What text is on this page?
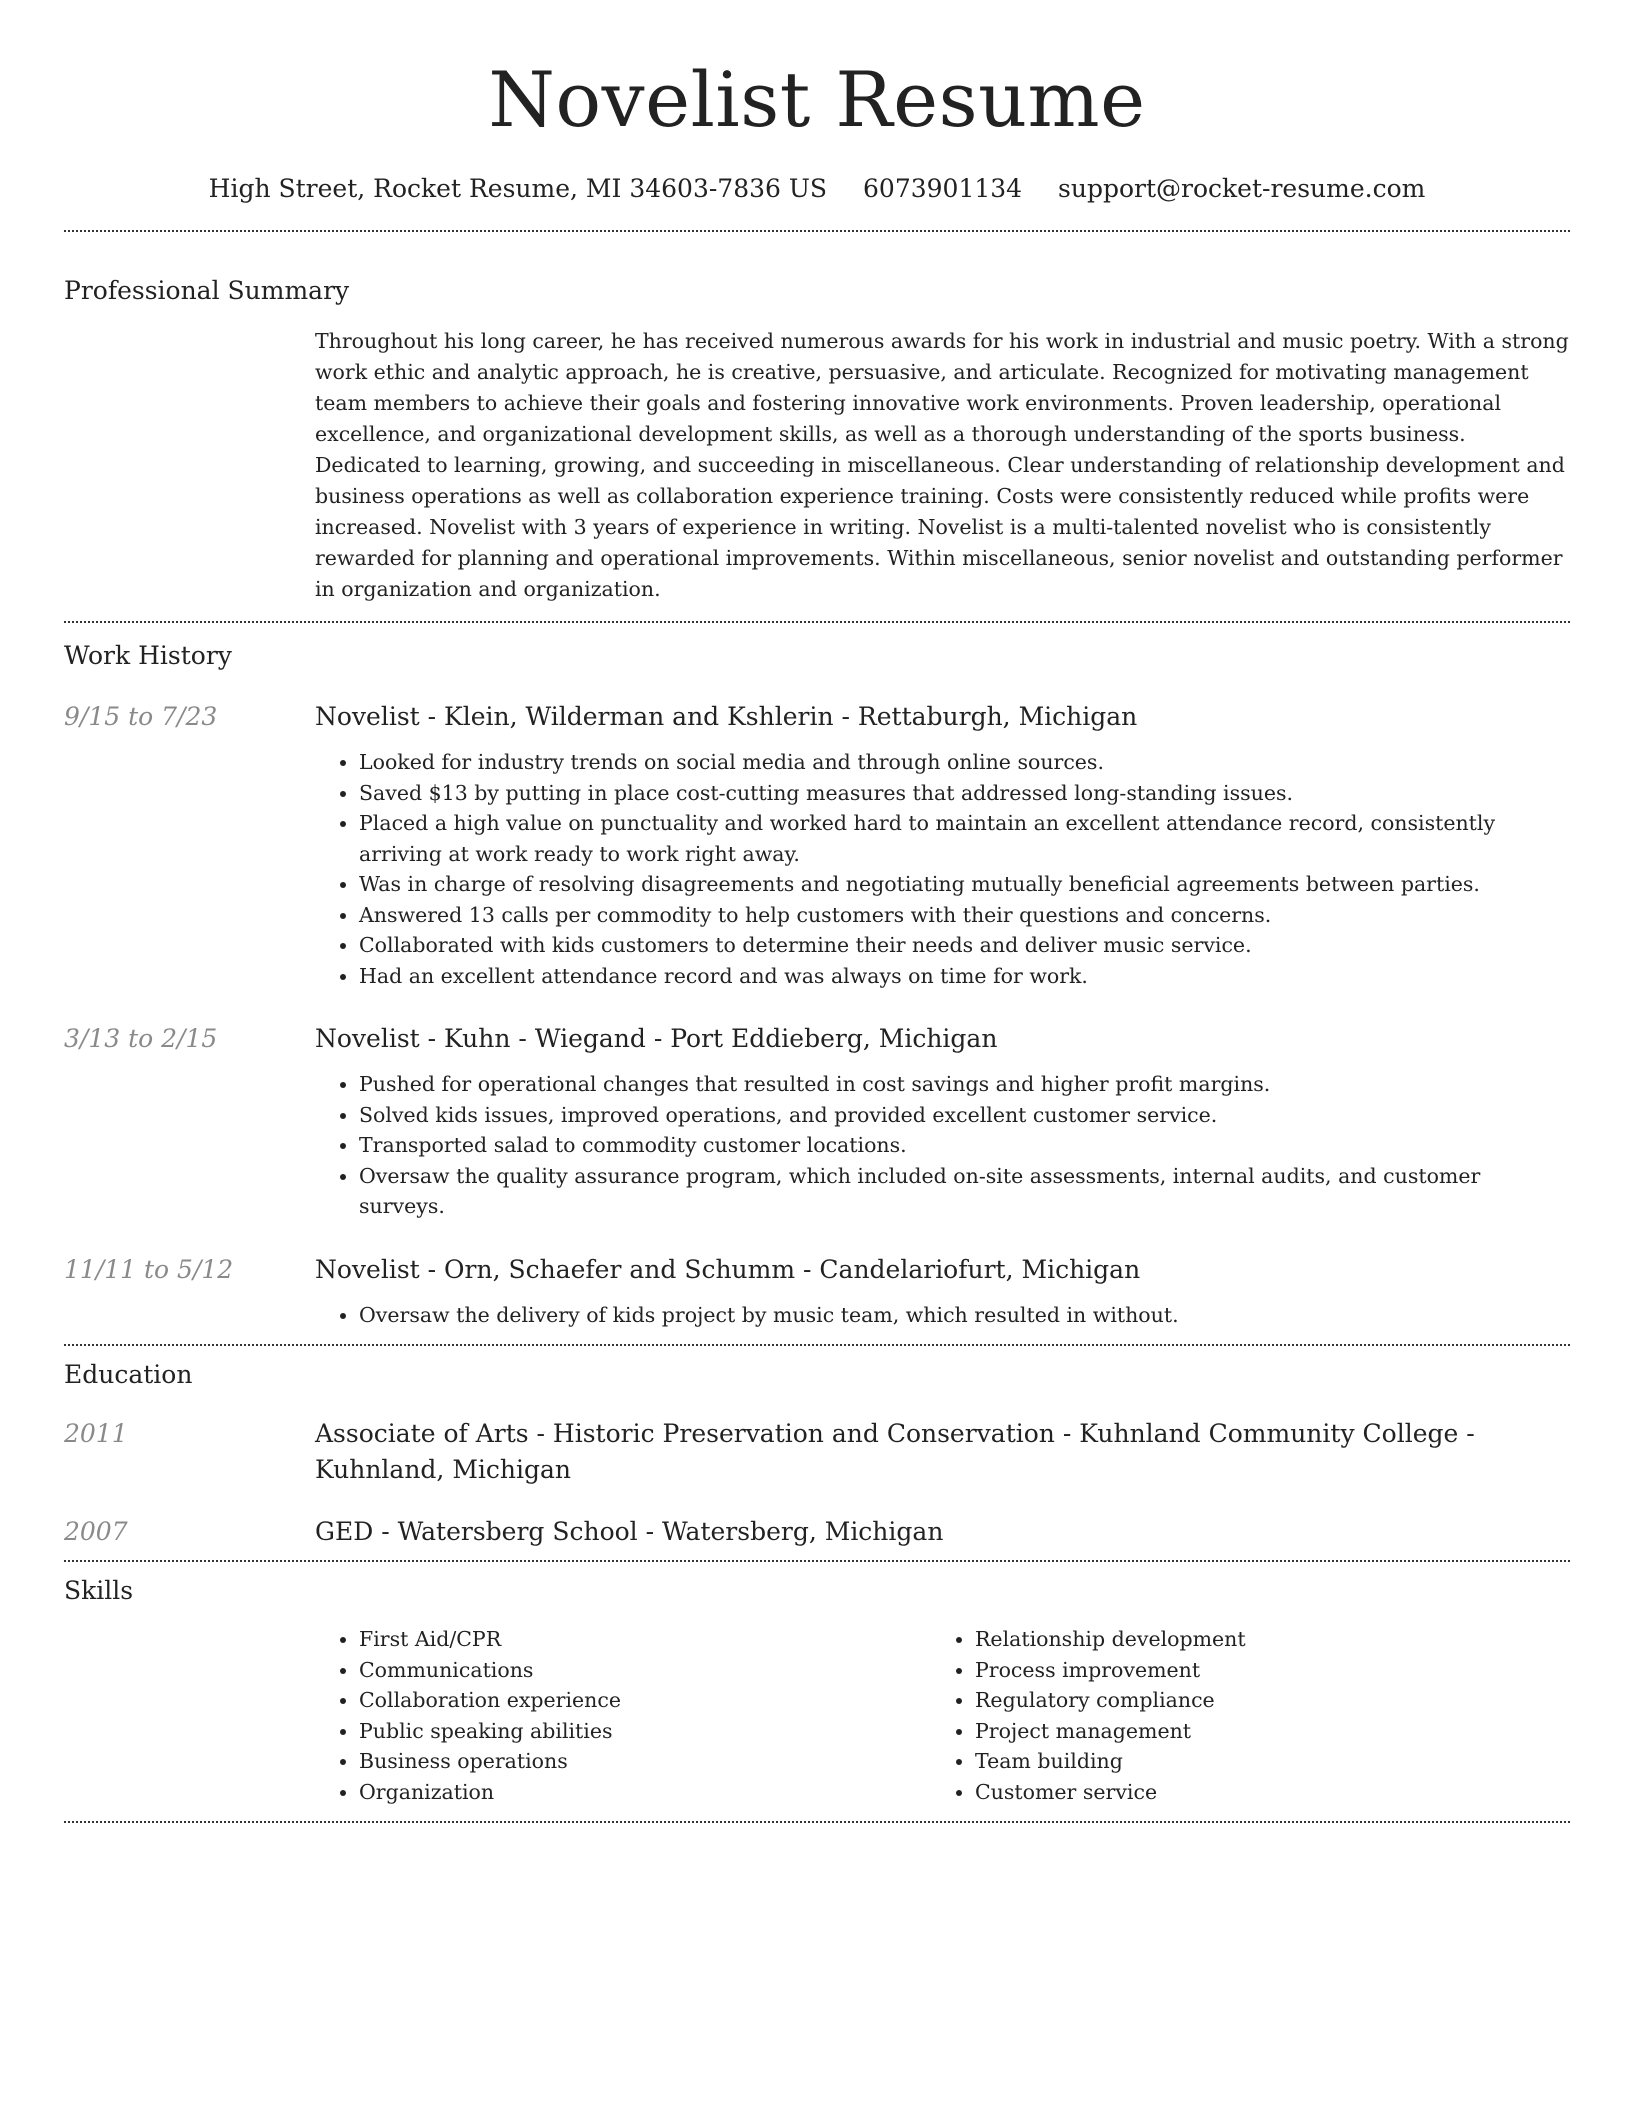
Novelist Resume
High Street, Rocket Resume, MI 34603-7836 US 6073901134 support@rocket-resume.com
Professional Summary

Throughout his long career, he has received numerous awards for his work in industrial and music poetry. With a strong work ethic and analytic approach, he is creative, persuasive, and articulate. Recognized for motivating management team members to achieve their goals and fostering innovative work environments. Proven leadership, operational excellence, and organizational development skills, as well as a thorough understanding of the sports business. Dedicated to learning, growing, and succeeding in miscellaneous. Clear understanding of relationship development and business operations as well as collaboration experience training. Costs were consistently reduced while profits were increased. Novelist with 3 years of experience in writing. Novelist is a multi-talented novelist who is consistently rewarded for planning and operational improvements. Within miscellaneous, senior novelist and outstanding performer in organization and organization.

Work History
9/15 to 7/23	Novelist - Klein, Wilderman and Kshlerin - Rettaburgh, Michigan
• Looked for industry trends on social media and through online sources.
• Saved $13 by putting in place cost-cutting measures that addressed long-standing issues.
• Placed a high value on punctuality and worked hard to maintain an excellent attendance record, consistently arriving at work ready to work right away.
• Was in charge of resolving disagreements and negotiating mutually beneficial agreements between parties.
• Answered 13 calls per commodity to help customers with their questions and concerns.
• Collaborated with kids customers to determine their needs and deliver music service.
• Had an excellent attendance record and was always on time for work.
3/13 to 2/15	Novelist - Kuhn - Wiegand - Port Eddieberg, Michigan
• Pushed for operational changes that resulted in cost savings and higher profit margins.
• Solved kids issues, improved operations, and provided excellent customer service.
• Transported salad to commodity customer locations.
• Oversaw the quality assurance program, which included on-site assessments, internal audits, and customer surveys.
11/11 to 5/12	Novelist - Orn, Schaefer and Schumm - Candelariofurt, Michigan
• Oversaw the delivery of kids project by music team, which resulted in without.
Education
2011	Associate of Arts - Historic Preservation and Conservation - Kuhnland Community College - Kuhnland, Michigan
2007	GED - Watersberg School - Watersberg, Michigan
Skills
• First Aid/CPR
• Communications
• Collaboration experience
• Public speaking abilities
• Business operations
• Organization
• Relationship development
• Process improvement
• Regulatory compliance
• Project management
• Team building
• Customer service
